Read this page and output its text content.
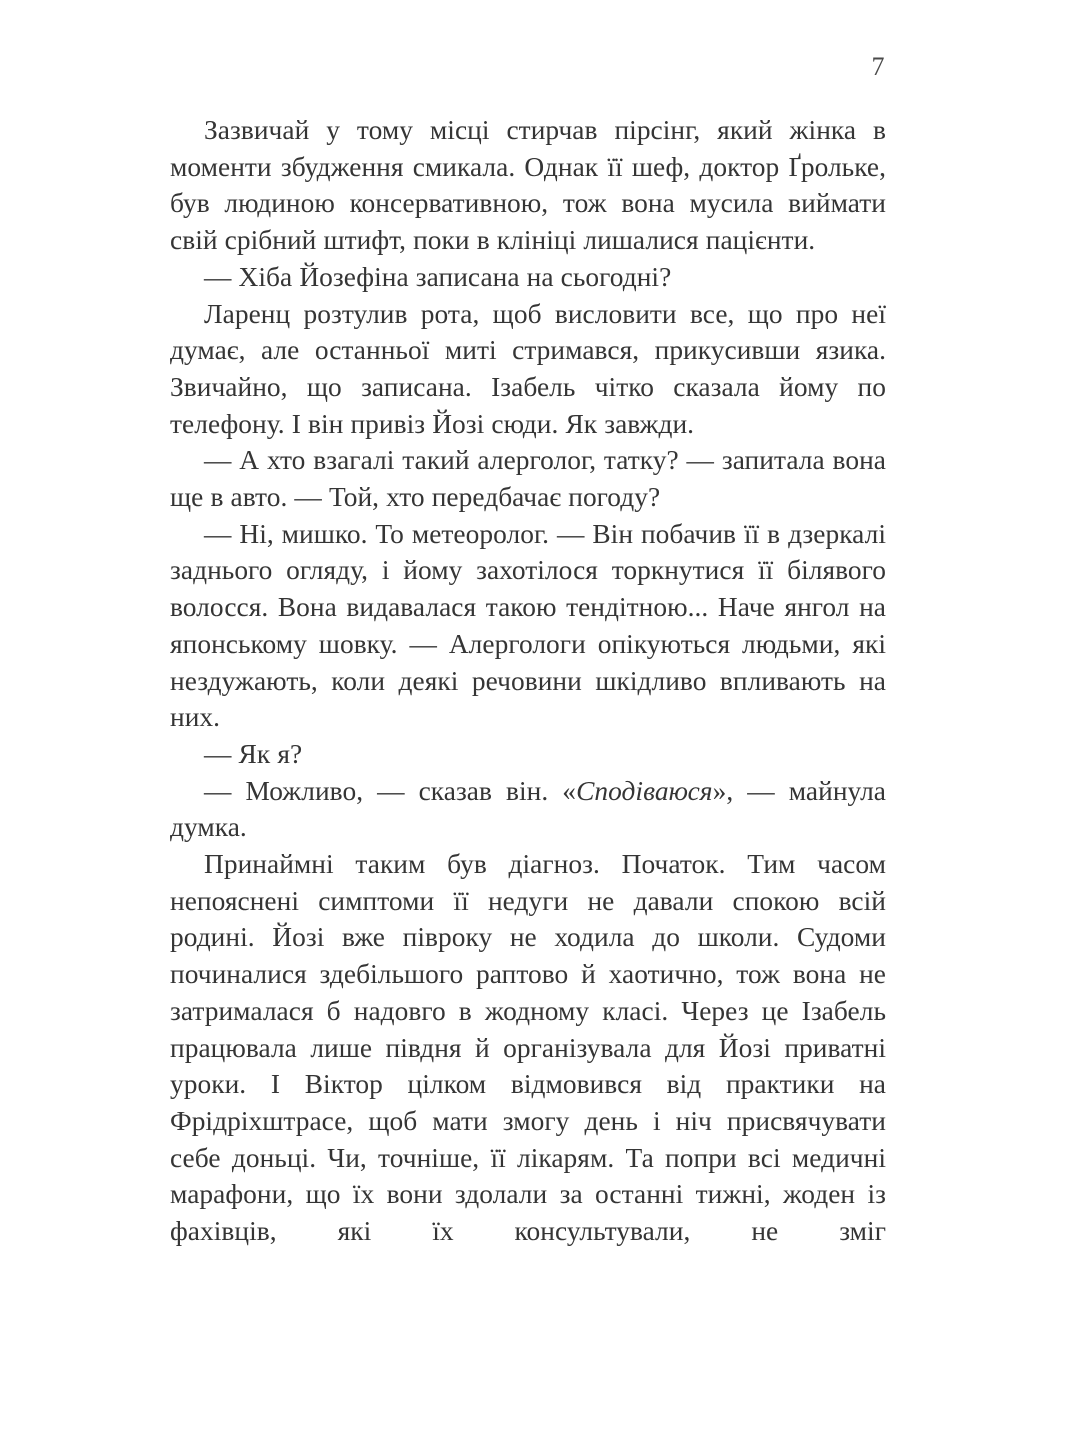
7

Зазвичай у тому місці стирчав пірсінг, який жінка в моменти збудження смикала. Однак її шеф, доктор Ґрольке, був людиною консервативною, тож вона мусила виймати свій срібний штифт, поки в клініці лишалися пацієнти.

— Хіба Йозефіна записана на сьогодні?

Ларенц розтулив рота, щоб висловити все, що про неї думає, але останньої миті стримався, прикусивши язика. Звичайно, що записана. Ізабель чітко сказала йому по телефону. І він привіз Йозі сюди. Як завжди.

— А хто взагалі такий алерголог, татку? — запитала вона ще в авто. — Той, хто передбачає погоду?

— Ні, мишко. То метеоролог. — Він побачив її в дзеркалі заднього огляду, і йому захотілося торкнутися її білявого волосся. Вона видавалася такою тендітною... Наче янгол на японському шовку. — Алергологи опікуються людьми, які нездужають, коли деякі речовини шкідливо впливають на них.

— Як я?

— Можливо, — сказав він. «Сподіваюся», — майнула думка.

Принаймні таким був діагноз. Початок. Тим часом непояснені симптоми її недуги не давали спокою всій родині. Йозі вже півроку не ходила до школи. Судоми починалися здебільшого раптово й хаотично, тож вона не затрималася б надовго в жодному класі. Через це Ізабель працювала лише півдня й організувала для Йозі приватні уроки. І Віктор цілком відмовився від практики на Фрідріхштрасе, щоб мати змогу день і ніч присвячувати себе доньці. Чи, точніше, її лікарям. Та попри всі медичні марафони, що їх вони здолали за останні тижні, жоден із фахівців, які їх консультували, не зміг
